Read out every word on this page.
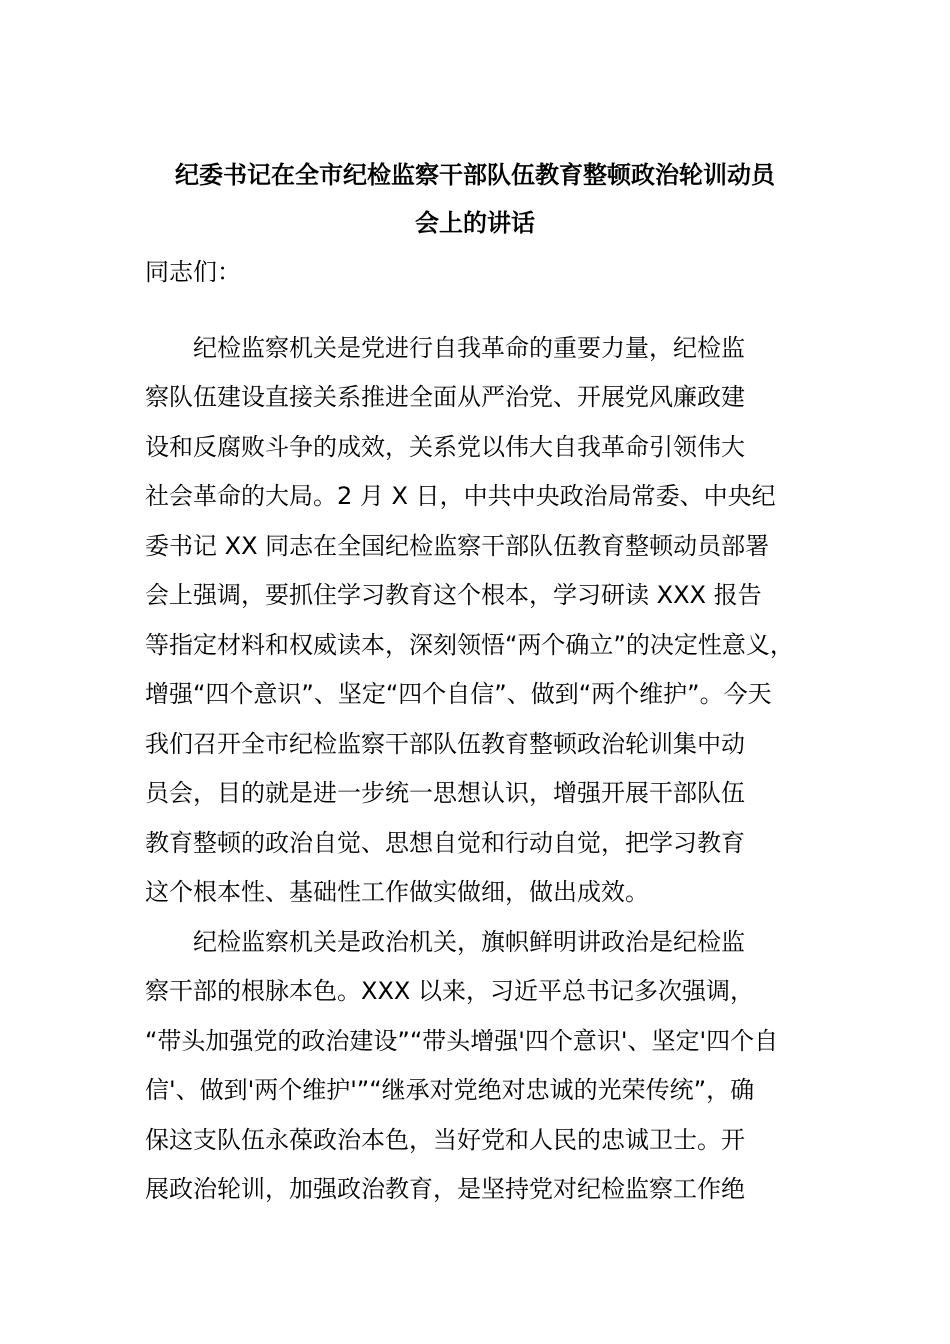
纪委书记在全市纪检监察干部队伍教育整顿政治轮训动员
会上的讲话

同志们：

纪检监察机关是党进行自我革命的重要力量，纪检监

察队伍建设直接关系推进全面从严治党、开展党风廉政建

设和反腐败斗争的成效，关系党以伟大自我革命引领伟大

社会革命的大局。2 月 X 日，中共中央政治局常委、中央纪

委书记 XX 同志在全国纪检监察干部队伍教育整顿动员部署

会上强调，要抓住学习教育这个根本，学习研读 XXX 报告

等指定材料和权威读本，深刻领悟“两个确立”的决定性意义，

增强“四个意识”、坚定“四个自信”、做到“两个维护”。今天

我们召开全市纪检监察干部队伍教育整顿政治轮训集中动

员会，目的就是进一步统一思想认识，增强开展干部队伍

教育整顿的政治自觉、思想自觉和行动自觉，把学习教育

这个根本性、基础性工作做实做细，做出成效。

纪检监察机关是政治机关，旗帜鲜明讲政治是纪检监

察干部的根脉本色。XXX 以来，习近平总书记多次强调，

“带头加强党的政治建设”“带头增强'四个意识'、坚定'四个自

信'、做到'两个维护'”“继承对党绝对忠诚的光荣传统”，确

保这支队伍永葆政治本色，当好党和人民的忠诚卫士。开

展政治轮训，加强政治教育，是坚持党对纪检监察工作绝
